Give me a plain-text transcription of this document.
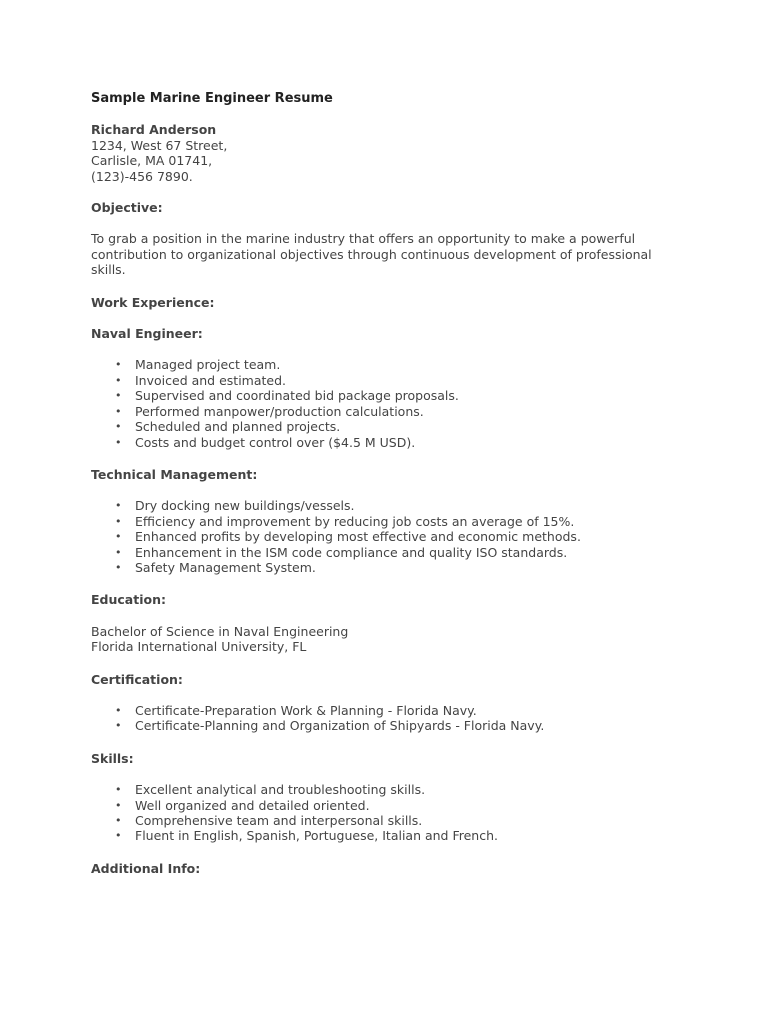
Sample Marine Engineer Resume
Richard Anderson
1234, West 67 Street,
Carlisle, MA 01741,
(123)-456 7890.
Objective:
To grab a position in the marine industry that offers an opportunity to make a powerful contribution to organizational objectives through continuous development of professional skills.
Work Experience:
Naval Engineer:
• Managed project team.
• Invoiced and estimated.
• Supervised and coordinated bid package proposals.
• Performed manpower/production calculations.
• Scheduled and planned projects.
• Costs and budget control over ($4.5 M USD).
Technical Management:
• Dry docking new buildings/vessels.
• Efficiency and improvement by reducing job costs an average of 15%.
• Enhanced profits by developing most effective and economic methods.
• Enhancement in the ISM code compliance and quality ISO standards.
• Safety Management System.
Education:
Bachelor of Science in Naval Engineering
Florida International University, FL
Certification:
• Certificate-Preparation Work & Planning - Florida Navy.
• Certificate-Planning and Organization of Shipyards - Florida Navy.
Skills:
• Excellent analytical and troubleshooting skills.
• Well organized and detailed oriented.
• Comprehensive team and interpersonal skills.
• Fluent in English, Spanish, Portuguese, Italian and French.
Additional Info:
